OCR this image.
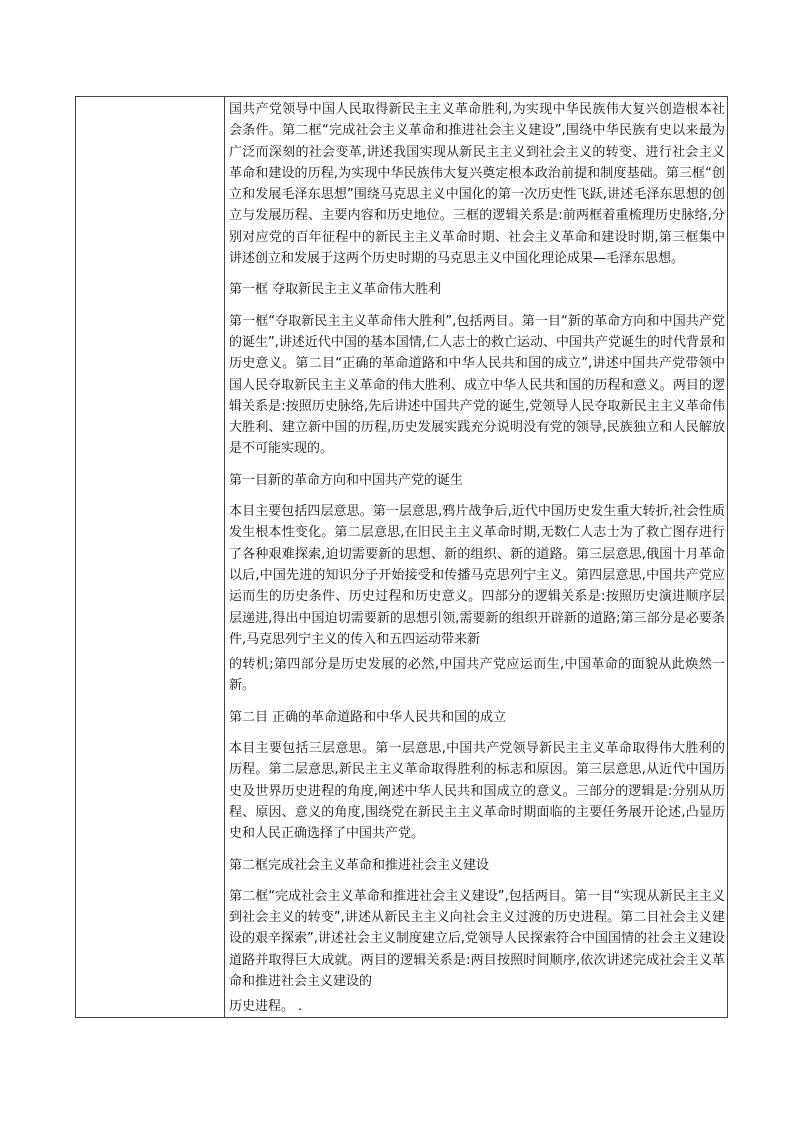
国共产党领导中国人民取得新民主主义革命胜利,为实现中华民族伟大复兴创造根本社会条件。第二框“完成社会主义革命和推进社会主义建设”,围绕中华民族有史以来最为广泛而深刻的社会变革,讲述我国实现从新民主主义到社会主义的转变、进行社会主义革命和建设的历程,为实现中华民族伟大复兴奠定根本政治前提和制度基础。第三框“创立和发展毛泽东思想”围绕马克思主义中国化的第一次历史性飞跃,讲述毛泽东思想的创立与发展历程、主要内容和历史地位。三框的逻辑关系是:前两框着重梳理历史脉络,分别对应党的百年征程中的新民主主义革命时期、社会主义革命和建设时期,第三框集中讲述创立和发展于这两个历史时期的马克思主义中国化理论成果—毛泽东思想。

第一框 夺取新民主主义革命伟大胜利

第一框“夺取新民主主义革命伟大胜利”,包括两目。第一目“新的革命方向和中国共产党的诞生”,讲述近代中国的基本国情,仁人志士的救亡运动、中国共产党诞生的时代背景和历史意义。第二目“正确的革命道路和中华人民共和国的成立”,讲述中国共产党带领中国人民夺取新民主主义革命的伟大胜利、成立中华人民共和国的历程和意义。两目的逻辑关系是:按照历史脉络,先后讲述中国共产党的诞生,党领导人民夺取新民主主义革命伟大胜利、建立新中国的历程,历史发展实践充分说明没有党的领导,民族独立和人民解放是不可能实现的。

第一目新的革命方向和中国共产党的诞生

本目主要包括四层意思。第一层意思,鸦片战争后,近代中国历史发生重大转折,社会性质发生根本性变化。第二层意思,在旧民主主义革命时期,无数仁人志士为了救亡图存进行了各种艰难探索,迫切需要新的思想、新的组织、新的道路。第三层意思,俄国十月革命以后,中国先进的知识分子开始接受和传播马克思列宁主义。第四层意思,中国共产党应运而生的历史条件、历史过程和历史意义。四部分的逻辑关系是:按照历史演进顺序层层递进,得出中国迫切需要新的思想引领,需要新的组织开辟新的道路;第三部分是必要条件,马克思列宁主义的传入和五四运动带来新

的转机;第四部分是历史发展的必然,中国共产党应运而生,中国革命的面貌从此焕然一新。

第二目 正确的革命道路和中华人民共和国的成立

本目主要包括三层意思。第一层意思,中国共产党领导新民主主义革命取得伟大胜利的历程。第二层意思,新民主主义革命取得胜利的标志和原因。第三层意思,从近代中国历史及世界历史进程的角度,阐述中华人民共和国成立的意义。三部分的逻辑是:分别从历程、原因、意义的角度,围绕党在新民主主义革命时期面临的主要任务展开论述,凸显历史和人民正确选择了中国共产党。

第二框完成社会主义革命和推进社会主义建设

第二框“完成社会主义革命和推进社会主义建设”,包括两目。第一目“实现从新民主主义到社会主义的转变”,讲述从新民主主义向社会主义过渡的历史进程。第二目社会主义建设的艰辛探索”,讲述社会主义制度建立后,党领导人民探索符合中国国情的社会主义建设道路并取得巨大成就。两目的逻辑关系是:两目按照时间顺序,依次讲述完成社会主义革命和推进社会主义建设的

历史进程。 .
